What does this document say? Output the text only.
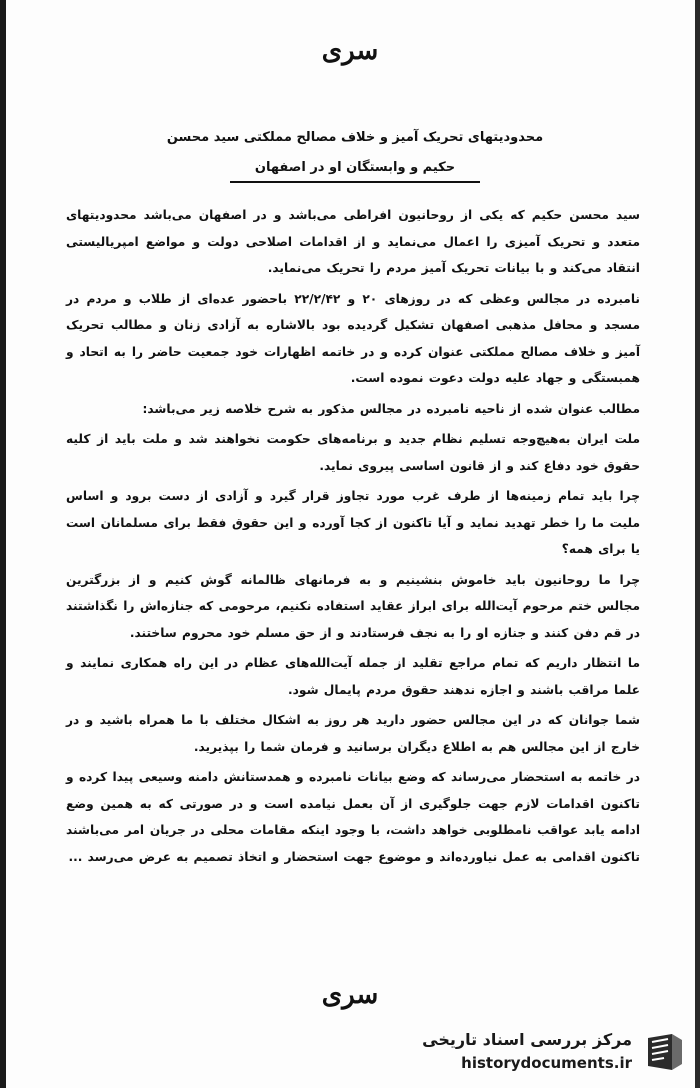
سری
محدودیتهای تحریک آمیز و خلاف مصالح مملکتی سید محسن
حکیم و وابستگان او در اصفهان

سید محسن حکیم که یکی از روحانیون افراطی می‌باشد و در اصفهان می‌باشد محدودیتهای متعدد و تحریک آمیزی را اعمال می‌نماید و از اقدامات اصلاحی دولت و مواضع امپریالیستی انتقاد می‌کند و با بیانات تحریک آمیز مردم را تحریک می‌نماید.

نامبرده در مجالس وعظی که در روزهای ۲۰ و ۲۲/۲/۴۲ باحضور عده‌ای از طلاب و مردم در مسجد و محافل مذهبی اصفهان تشکیل گردیده بود بالاشاره به آزادی زنان و مطالب تحریک آمیز و خلاف مصالح مملکتی عنوان کرده و در خاتمه اظهارات خود جمعیت حاضر را به اتحاد و همبستگی و جهاد علیه دولت دعوت نموده است.

مطالب عنوان شده از ناحیه نامبرده در مجالس مذکور به شرح خلاصه زیر می‌باشد:

ملت ایران به‌هیچ‌وجه تسلیم نظام جدید و برنامه‌های حکومت نخواهند شد و ملت باید از کلیه حقوق خود دفاع کند و از قانون اساسی پیروی نماید.

چرا باید تمام زمینه‌ها از طرف غرب مورد تجاوز قرار گیرد و آزادی از دست برود و اساس ملیت ما را خطر تهدید نماید و آیا تاکنون از کجا آورده و این حقوق فقط برای مسلمانان است یا برای همه؟

چرا ما روحانیون باید خاموش بنشینیم و به فرمانهای ظالمانه گوش کنیم و از بزرگترین مجالس ختم مرحوم آیت‌الله برای ابراز عقاید استفاده نکنیم، مرحومی که جنازه‌اش را نگذاشتند در قم دفن کنند و جنازه او را به نجف فرستادند و از حق مسلم خود محروم ساختند.

ما انتظار داریم که تمام مراجع تقلید از جمله آیت‌الله‌های عظام در این راه همکاری نمایند و علما مراقب باشند و اجازه ندهند حقوق مردم پایمال شود.

شما جوانان که در این مجالس حضور دارید هر روز به اشکال مختلف با ما همراه باشید و در خارج از این مجالس هم به اطلاع دیگران برسانید و فرمان شما را بپذیرید.

در خاتمه به استحضار می‌رساند که وضع بیانات نامبرده و همدستانش دامنه وسیعی پیدا کرده و تاکنون اقدامات لازم جهت جلوگیری از آن بعمل نیامده است و در صورتی که به همین وضع ادامه یابد عواقب نامطلوبی خواهد داشت، با وجود اینکه مقامات محلی در جریان امر می‌باشند تاکنون اقدامی به عمل نیاورده‌اند و موضوع جهت استحضار و اتخاذ تصمیم به عرض می‌رسد ...

سری
مرکز بررسی اسناد تاریخی
historydocuments.ir
